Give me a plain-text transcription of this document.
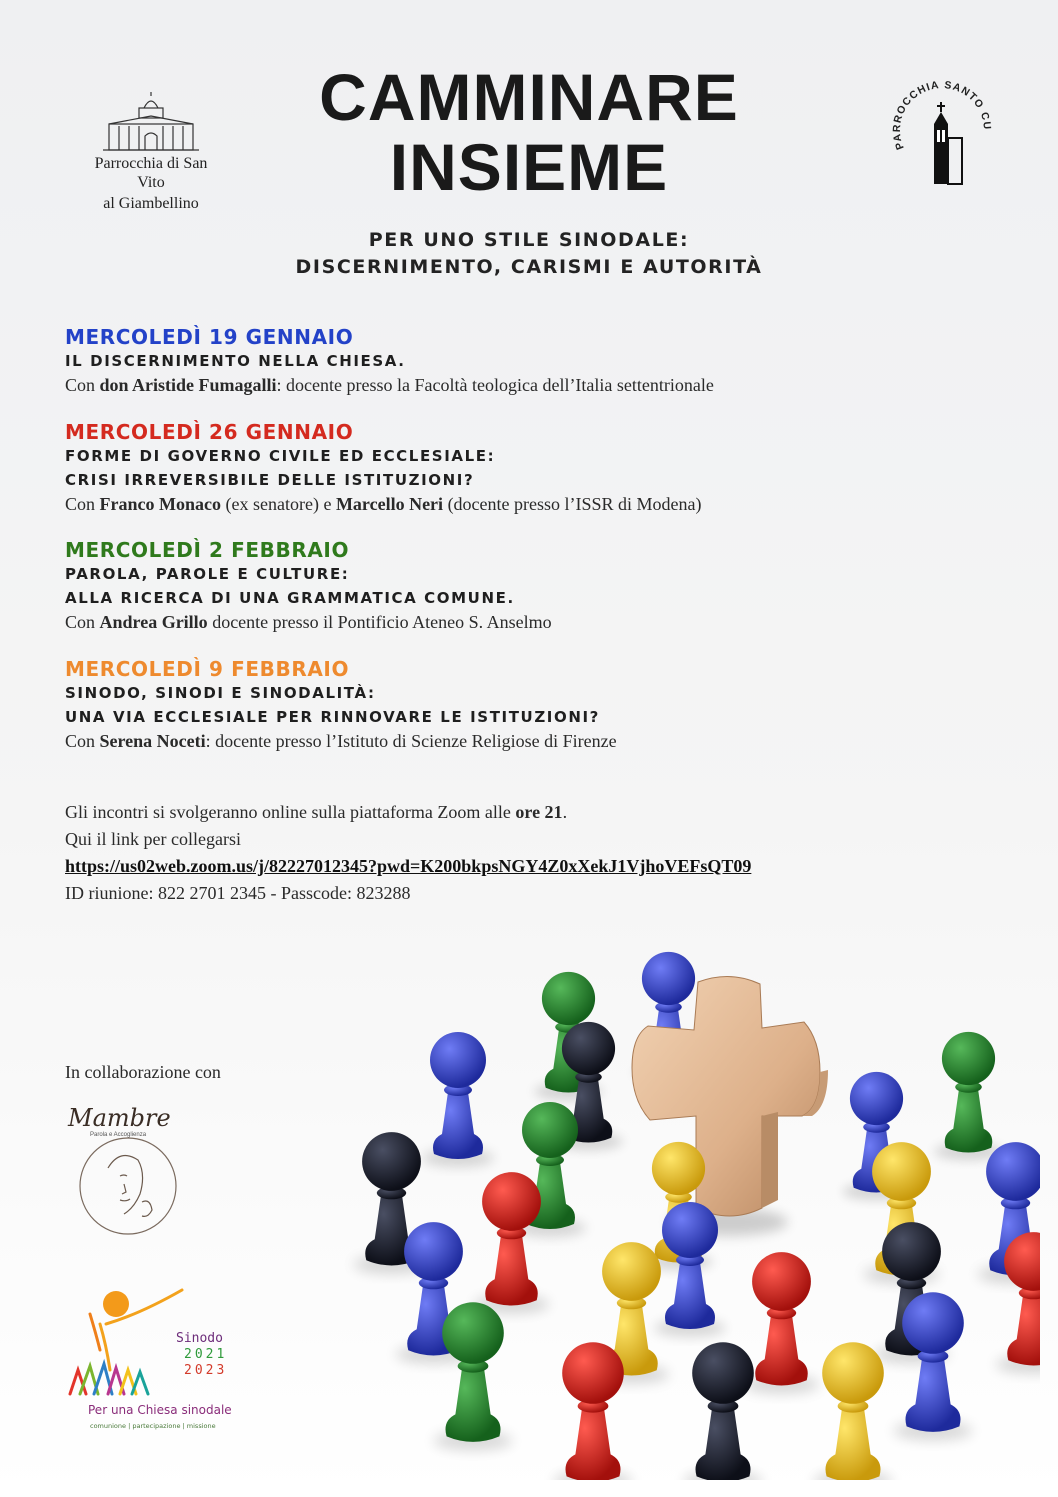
Parrocchia di San Vito
al Giambellino
CAMMINARE
INSIEME	PARROCCHIA SANTO CU
PER UNO STILE SINODALE:
DISCERNIMENTO, CARISMI E AUTORITÀ
MERCOLEDÌ 19 GENNAIO
IL DISCERNIMENTO NELLA CHIESA.
Con don Aristide Fumagalli: docente presso la Facoltà teologica dell’Italia settentrionale
MERCOLEDÌ 26 GENNAIO
FORME DI GOVERNO CIVILE ED ECCLESIALE:
CRISI IRREVERSIBILE DELLE ISTITUZIONI?
Con Franco Monaco (ex senatore) e Marcello Neri (docente presso l’ISSR di Modena)
MERCOLEDÌ 2 FEBBRAIO
PAROLA, PAROLE E CULTURE:
ALLA RICERCA DI UNA GRAMMATICA COMUNE.
Con Andrea Grillo docente presso il Pontificio Ateneo S. Anselmo
MERCOLEDÌ 9 FEBBRAIO
SINODO, SINODI E SINODALITÀ:
UNA VIA ECCLESIALE PER RINNOVARE LE ISTITUZIONI?
Con Serena Noceti: docente presso l’Istituto di Scienze Religiose di Firenze
Gli incontri si svolgeranno online sulla piattaforma Zoom alle ore 21.
Qui il link per collegarsi
https://us02web.zoom.us/j/82227012345?pwd=K200bkpsNGY4Z0xXekJ1VjhoVEFsQT09
ID riunione: 822 2701 2345 - Passcode: 823288
In collaborazione con
Mambre
Parola e Accoglienza
Sinodo
2021
2023
Per una Chiesa sinodale
comunione | partecipazione | missione
